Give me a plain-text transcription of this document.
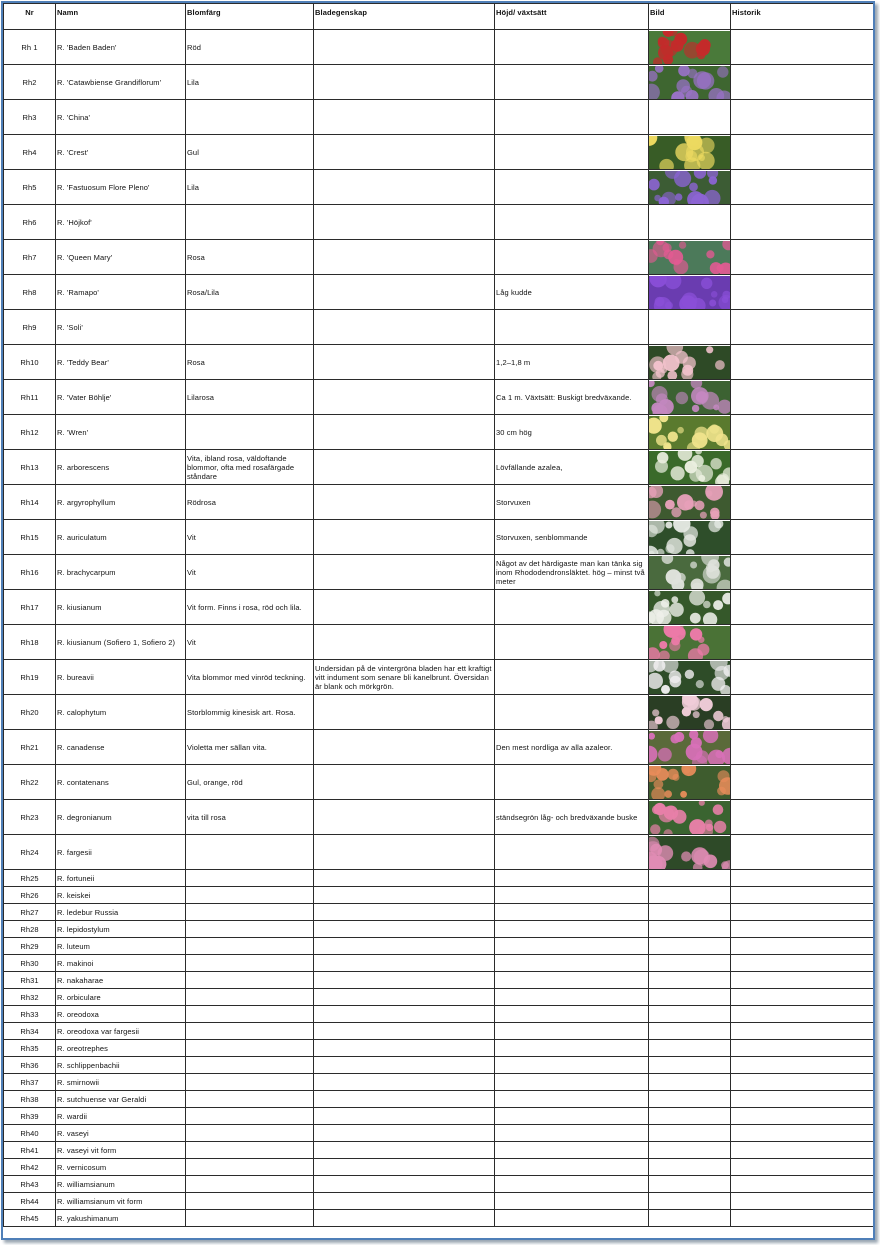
Nr	Namn	Blomfärg	Bladegenskap	Höjd/ växtsätt	Bild	Historik
Rh 1	R. 'Baden Baden'	Röd			

Rh2	R. 'Catawbiense Grandiflorum'	Lila			

Rh3	R. 'China'					
Rh4	R. 'Crest'	Gul			

Rh5	R. 'Fastuosum Flore Pleno'	Lila			

Rh6	R. 'Höjkof'					
Rh7	R. 'Queen Mary'	Rosa			

Rh8	R. 'Ramapo'	Rosa/Lila		Låg kudde	

Rh9	R. 'Soli'					
Rh10	R. 'Teddy Bear'	Rosa		1,2–1,8 m	

Rh11	R. 'Vater Böhlje'	Lilarosa		Ca 1 m. Växtsätt: Buskigt bredväxande.	

Rh12	R. 'Wren'			30 cm hög	

Rh13	R. arborescens	Vita, ibland rosa, väldoftande blommor, ofta med rosafärgade ståndare		Lövfällande azalea,	

Rh14	R. argyrophyllum	Rödrosa		Storvuxen	

Rh15	R. auriculatum	Vit		Storvuxen, senblommande	

Rh16	R. brachycarpum	Vit		Något av det härdigaste man kan tänka sig inom Rhododendronsläktet. hög – minst två meter	

Rh17	R. kiusianum	Vit form. Finns i rosa, röd och lila.			

Rh18	R. kiusianum (Sofiero 1, Sofiero 2)	Vit			

Rh19	R. bureavii	Vita blommor med vinröd teckning.	Undersidan på de vintergröna bladen har ett kraftigt vitt indument som senare bli kanelbrunt. Översidan är blank och mörkgrön.		

Rh20	R. calophytum	Storblommig kinesisk art. Rosa.			

Rh21	R. canadense	Violetta mer sällan vita.		Den mest nordliga av alla azaleor.	

Rh22	R. contatenans	Gul, orange, röd			

Rh23	R. degronianum	vita till rosa		ständsegrön låg- och bredväxande buske	

Rh24	R. fargesii				

Rh25	R. fortuneii					
Rh26	R. keiskei					
Rh27	R. ledebur Russia					
Rh28	R. lepidostylum					
Rh29	R. luteum					
Rh30	R. makinoi					
Rh31	R. nakaharae					
Rh32	R. orbiculare					
Rh33	R. oreodoxa					
Rh34	R. oreodoxa var fargesii					
Rh35	R. oreotrephes					
Rh36	R. schlippenbachii					
Rh37	R. smirnowii					
Rh38	R. sutchuense var Geraldi					
Rh39	R. wardii					
Rh40	R. vaseyi					
Rh41	R. vaseyi vit form					
Rh42	R. vernicosum					
Rh43	R. williamsianum					
Rh44	R. williamsianum vit form					
Rh45	R. yakushimanum					
